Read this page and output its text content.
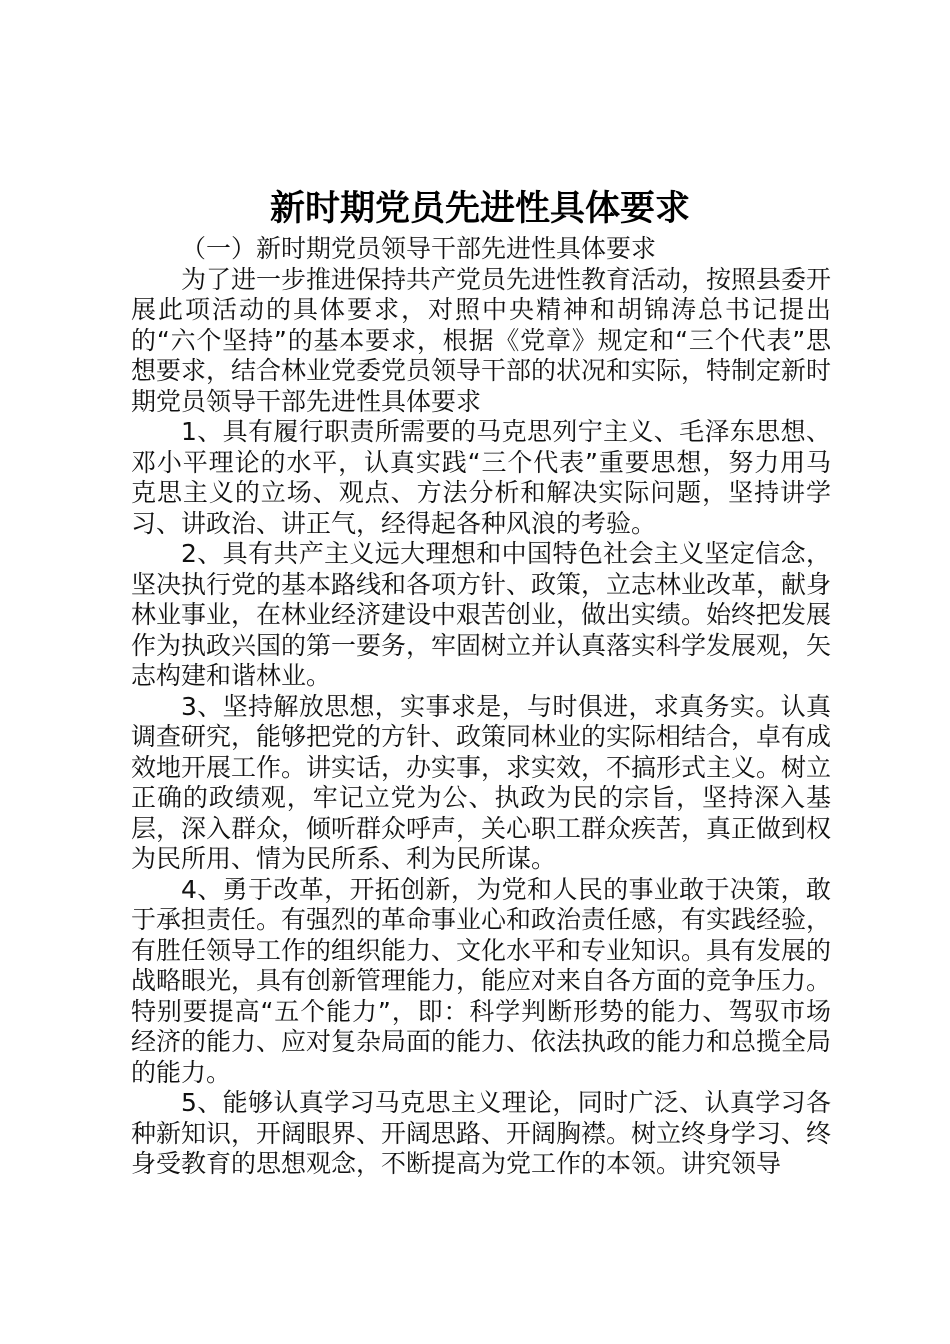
新时期党员先进性具体要求

（一）新时期党员领导干部先进性具体要求

为了进一步推进保持共产党员先进性教育活动，按照县委开展此项活动的具体要求，对照中央精神和胡锦涛总书记提出的“六个坚持”的基本要求，根据《党章》规定和“三个代表”思想要求，结合林业党委党员领导干部的状况和实际，特制定新时期党员领导干部先进性具体要求

1、具有履行职责所需要的马克思列宁主义、毛泽东思想、邓小平理论的水平，认真实践“三个代表”重要思想，努力用马克思主义的立场、观点、方法分析和解决实际问题，坚持讲学习、讲政治、讲正气，经得起各种风浪的考验。

2、具有共产主义远大理想和中国特色社会主义坚定信念，坚决执行党的基本路线和各项方针、政策，立志林业改革，献身林业事业，在林业经济建设中艰苦创业，做出实绩。始终把发展作为执政兴国的第一要务，牢固树立并认真落实科学发展观，矢志构建和谐林业。

3、坚持解放思想，实事求是，与时俱进，求真务实。认真调查研究，能够把党的方针、政策同林业的实际相结合，卓有成效地开展工作。讲实话，办实事，求实效，不搞形式主义。树立正确的政绩观，牢记立党为公、执政为民的宗旨，坚持深入基层，深入群众，倾听群众呼声，关心职工群众疾苦，真正做到权为民所用、情为民所系、利为民所谋。

4、勇于改革，开拓创新，为党和人民的事业敢于决策，敢于承担责任。有强烈的革命事业心和政治责任感，有实践经验，有胜任领导工作的组织能力、文化水平和专业知识。具有发展的战略眼光，具有创新管理能力，能应对来自各方面的竞争压力。特别要提高“五个能力”，即：科学判断形势的能力、驾驭市场经济的能力、应对复杂局面的能力、依法执政的能力和总揽全局的能力。

5、能够认真学习马克思主义理论，同时广泛、认真学习各种新知识，开阔眼界、开阔思路、开阔胸襟。树立终身学习、终身受教育的思想观念，不断提高为党工作的本领。讲究领导
